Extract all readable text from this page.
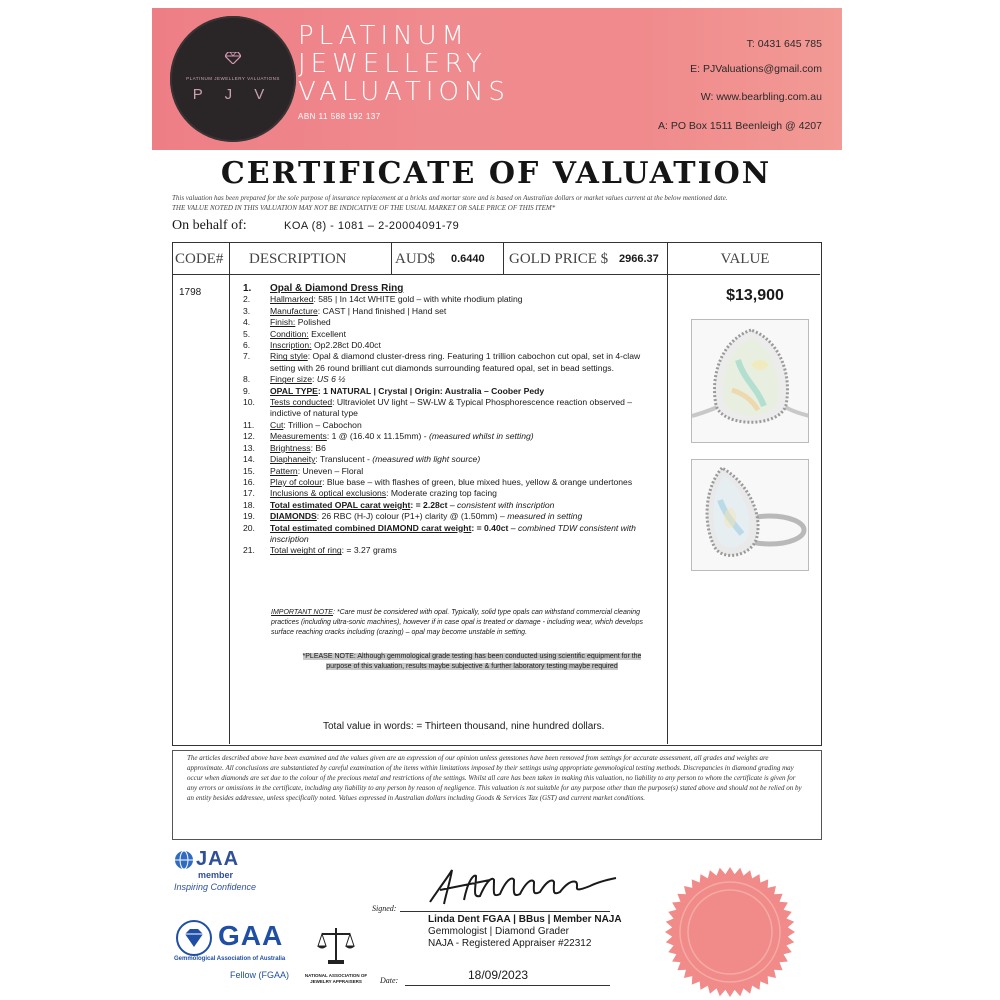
PLATINUM JEWELLERY VALUATIONS
P J V
PLATINUM
JEWELLERY
VALUATIONS
ABN 11 588 192 137
T: 0431 645 785
E: PJValuations@gmail.com
W: www.bearbling.com.au
A: PO Box 1511 Beenleigh @ 4207
CERTIFICATE OF VALUATION
This valuation has been prepared for the sole purpose of insurance replacement at a bricks and mortar store and is based on Australian dollars or market values current at the below mentioned date.
THE VALUE NOTED IN THIS VALUATION MAY NOT BE INDICATIVE OF THE USUAL MARKET OR SALE PRICE OF THIS ITEM*
On behalf of:	KOA (8) - 1081 – 2-20004091-79
CODE# DESCRIPTION	AUD$ 0.6440 GOLD PRICE $ 2966.37	VALUE
1798	1.	Opal & Diamond Dress Ring
2.	Hallmarked: 585 | In 14ct WHITE gold – with white rhodium plating
3.	Manufacture: CAST | Hand finished | Hand set
4.	Finish: Polished
5.	Condition: Excellent
6.	Inscription: Op2.28ct D0.40ct
7.	Ring style: Opal & diamond cluster-dress ring. Featuring 1 trillion cabochon cut opal, set in 4-claw setting with 26 round brilliant cut diamonds surrounding featured opal, set in bead settings.
8.	Finger size: US 6 ½
9.	OPAL TYPE: 1 NATURAL | Crystal | Origin: Australia – Coober Pedy
10.	Tests conducted: Ultraviolet UV light – SW-LW & Typical Phosphorescence reaction observed – indictive of natural type
11.	Cut: Trillion – Cabochon
12.	Measurements: 1 @ (16.40 x 11.15mm) - (measured whilst in setting)
13.	Brightness: B6
14.	Diaphaneity: Translucent - (measured with light source)
15.	Pattern: Uneven – Floral
16.	Play of colour: Blue base – with flashes of green, blue mixed hues, yellow & orange undertones
17.	Inclusions & optical exclusions: Moderate crazing top facing
18.	Total estimated OPAL carat weight: = 2.28ct – consistent with inscription
19.	DIAMONDS: 26 RBC (H-J) colour (P1+) clarity @ (1.50mm) – measured in setting
20.	Total estimated combined DIAMOND carat weight: = 0.40ct – combined TDW consistent with inscription
21.	Total weight of ring: = 3.27 grams
IMPORTANT NOTE: *Care must be considered with opal. Typically, solid type opals can withstand commercial cleaning practices (including ultra-sonic machines), however if in case opal is treated or damage - including wear, which develops surface reaching cracks including (crazing) – opal may become unstable in setting.
*PLEASE NOTE: Although gemmological grade testing has been conducted using scientific equipment for the purpose of this valuation, results maybe subjective & further laboratory testing maybe required
Total value in words: = Thirteen thousand, nine hundred dollars.
$13,900
The articles described above have been examined and the values given are an expression of our opinion unless gemstones have been removed from settings for accurate assessment, all grades and weights are approximate. All conclusions are substantiated by careful examination of the items within limitations imposed by their settings using appropriate gemmological testing methods. Discrepancies in diamond grading may occur when diamonds are set due to the colour of the precious metal and restrictions of the settings. Whilst all care has been taken in making this valuation, no liability to any person to whom the certificate is given for any errors or omissions in the certificate, including any liability to any person by reason of negligence. This valuation is not suitable for any purpose other than the purpose(s) stated above and should not be relied on by an entity besides addressee, unless specifically noted. Values expressed in Australian dollars including Goods & Services Tax (GST) and current market conditions.
JAA
member
Inspiring Confidence
GAA
Gemmological Association of Australia
Fellow (FGAA)	NATIONAL ASSOCIATION OF JEWELRY APPRAISERS
Signed:
Linda Dent FGAA | BBus | Member NAJA
Gemmologist | Diamond Grader
NAJA - Registered Appraiser #22312
Date:	18/09/2023
